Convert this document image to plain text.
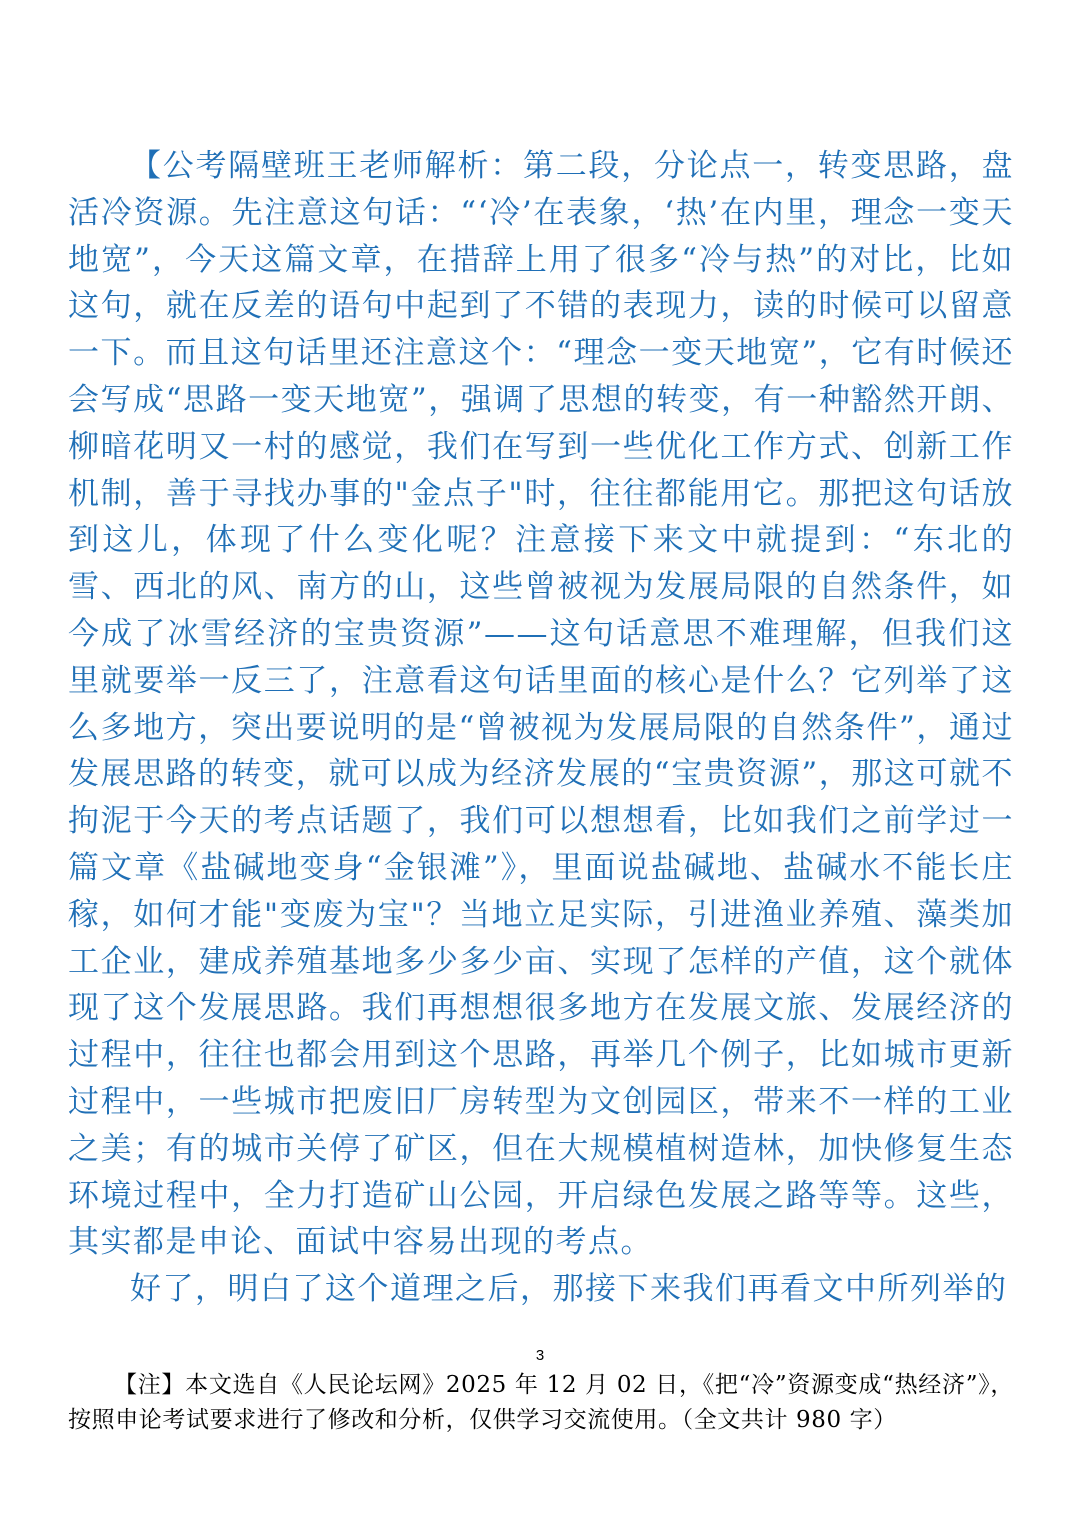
【公考隔壁班王老师解析：第二段，分论点一，转变思路，盘活冷资源。先注意这句话：“‘冷’在表象，‘热’在内里，理念一变天地宽”，今天这篇文章，在措辞上用了很多“冷与热”的对比，比如这句，就在反差的语句中起到了不错的表现力，读的时候可以留意一下。而且这句话里还注意这个：“理念一变天地宽”，它有时候还会写成“思路一变天地宽”，强调了思想的转变，有一种豁然开朗、柳暗花明又一村的感觉，我们在写到一些优化工作方式、创新工作机制，善于寻找办事的"金点子"时，往往都能用它。那把这句话放到这儿，体现了什么变化呢？注意接下来文中就提到：“东北的雪、西北的风、南方的山，这些曾被视为发展局限的自然条件，如今成了冰雪经济的宝贵资源”——这句话意思不难理解，但我们这里就要举一反三了，注意看这句话里面的核心是什么？它列举了这么多地方，突出要说明的是“曾被视为发展局限的自然条件”，通过发展思路的转变，就可以成为经济发展的“宝贵资源”，那这可就不拘泥于今天的考点话题了，我们可以想想看，比如我们之前学过一篇文章《盐碱地变身“金银滩”》，里面说盐碱地、盐碱水不能长庄稼，如何才能"变废为宝"？当地立足实际，引进渔业养殖、藻类加工企业，建成养殖基地多少多少亩、实现了怎样的产值，这个就体现了这个发展思路。我们再想想很多地方在发展文旅、发展经济的过程中，往往也都会用到这个思路，再举几个例子，比如城市更新过程中，一些城市把废旧厂房转型为文创园区，带来不一样的工业之美；有的城市关停了矿区，但在大规模植树造林，加快修复生态环境过程中，全力打造矿山公园，开启绿色发展之路等等。这些，其实都是申论、面试中容易出现的考点。

好了，明白了这个道理之后，那接下来我们再看文中所列举的

3

【注】本文选自《人民论坛网》2025 年 12 月 02 日，《把“冷”资源变成“热经济”》，按照申论考试要求进行了修改和分析，仅供学习交流使用。（全文共计 980 字）
